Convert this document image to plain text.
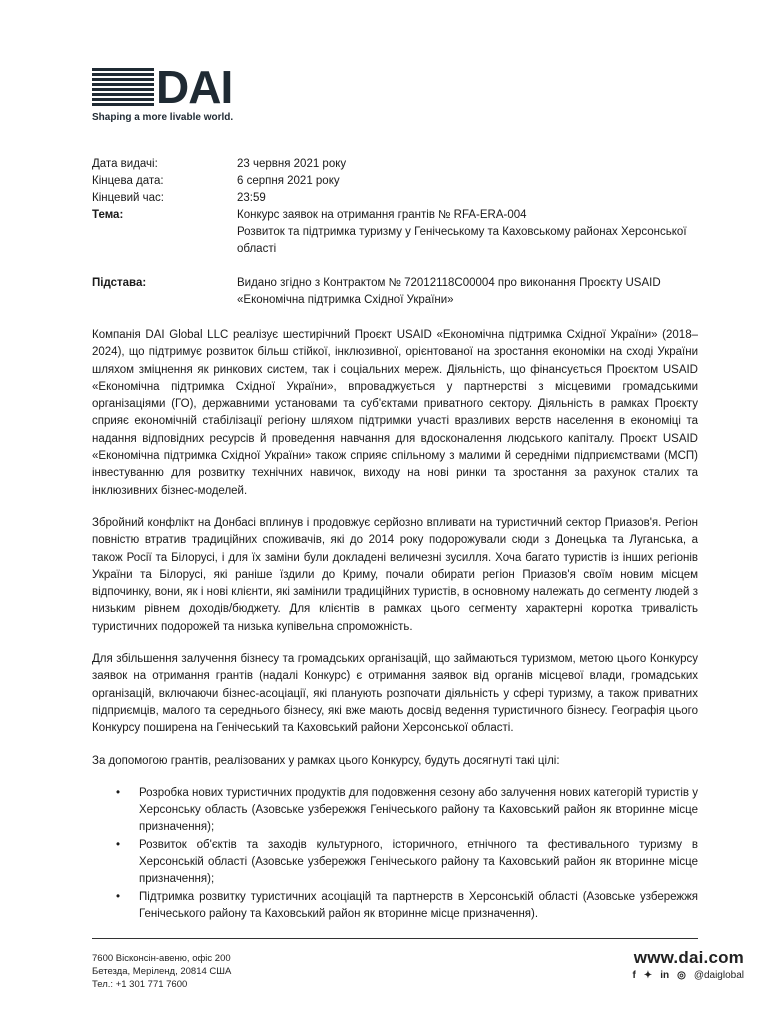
DAI
Shaping a more livable world.
Дата видачі:	23 червня 2021 року
Кінцева дата:	6 серпня 2021 року
Кінцевий час:	23:59
Тема:	Конкурс заявок на отримання грантів № RFA-ERA-004
Розвиток та підтримка туризму у Генічеському та Каховському районах Херсонської області
Підстава:	Видано згідно з Контрактом № 72012118C00004 про виконання Проєкту USAID «Економічна підтримка Східної України»

Компанія DAI Global LLC реалізує шестирічний Проєкт USAID «Економічна підтримка Східної України» (2018–2024), що підтримує розвиток більш стійкої, інклюзивної, орієнтованої на зростання економіки на сході України шляхом зміцнення як ринкових систем, так і соціальних мереж. Діяльність, що фінансується Проєктом USAID «Економічна підтримка Східної України», впроваджується у партнерстві з місцевими громадськими організаціями (ГО), державними установами та суб'єктами приватного сектору. Діяльність в рамках Проєкту сприяє економічній стабілізації регіону шляхом підтримки участі вразливих верств населення в економіці та надання відповідних ресурсів й проведення навчання для вдосконалення людського капіталу. Проєкт USAID «Економічна підтримка Східної України» також сприяє спільному з малими й середніми підприємствами (МСП) інвестуванню для розвитку технічних навичок, виходу на нові ринки та зростання за рахунок сталих та інклюзивних бізнес-моделей.

Збройний конфлікт на Донбасі вплинув і продовжує серйозно впливати на туристичний сектор Приазов'я. Регіон повністю втратив традиційних споживачів, які до 2014 року подорожували сюди з Донецька та Луганська, а також Росії та Білорусі, і для їх заміни були докладені величезні зусилля. Хоча багато туристів із інших регіонів України та Білорусі, які раніше їздили до Криму, почали обирати регіон Приазов'я своїм новим місцем відпочинку, вони, як і нові клієнти, які замінили традиційних туристів, в основному належать до сегменту людей з низьким рівнем доходів/бюджету. Для клієнтів в рамках цього сегменту характерні коротка тривалість туристичних подорожей та низька купівельна спроможність.

Для збільшення залучення бізнесу та громадських організацій, що займаються туризмом, метою цього Конкурсу заявок на отримання грантів (надалі Конкурс) є отримання заявок від органів місцевої влади, громадських організацій, включаючи бізнес-асоціації, які планують розпочати діяльність у сфері туризму, а також приватних підприємців, малого та середнього бізнесу, які вже мають досвід ведення туристичного бізнесу. Географія цього Конкурсу поширена на Генічеський та Каховський райони Херсонської області.

За допомогою грантів, реалізованих у рамках цього Конкурсу, будуть досягнуті такі цілі:

• Розробка нових туристичних продуктів для подовження сезону або залучення нових категорій туристів у Херсонську область (Азовське узбережжя Генічеського району та Каховський район як вторинне місце призначення);
• Розвиток об'єктів та заходів культурного, історичного, етнічного та фестивального туризму в Херсонській області (Азовське узбережжя Генічеського району та Каховський район як вторинне місце призначення);
• Підтримка розвитку туристичних асоціацій та партнерств в Херсонській області (Азовське узбережжя Генічеського району та Каховський район як вторинне місце призначення).
7600 Вісконсін-авеню, офіс 200
Бетезда, Меріленд, 20814 США
Тел.: +1 301 771 7600
www.dai.com
f ✦ in ◎ @daiglobal
